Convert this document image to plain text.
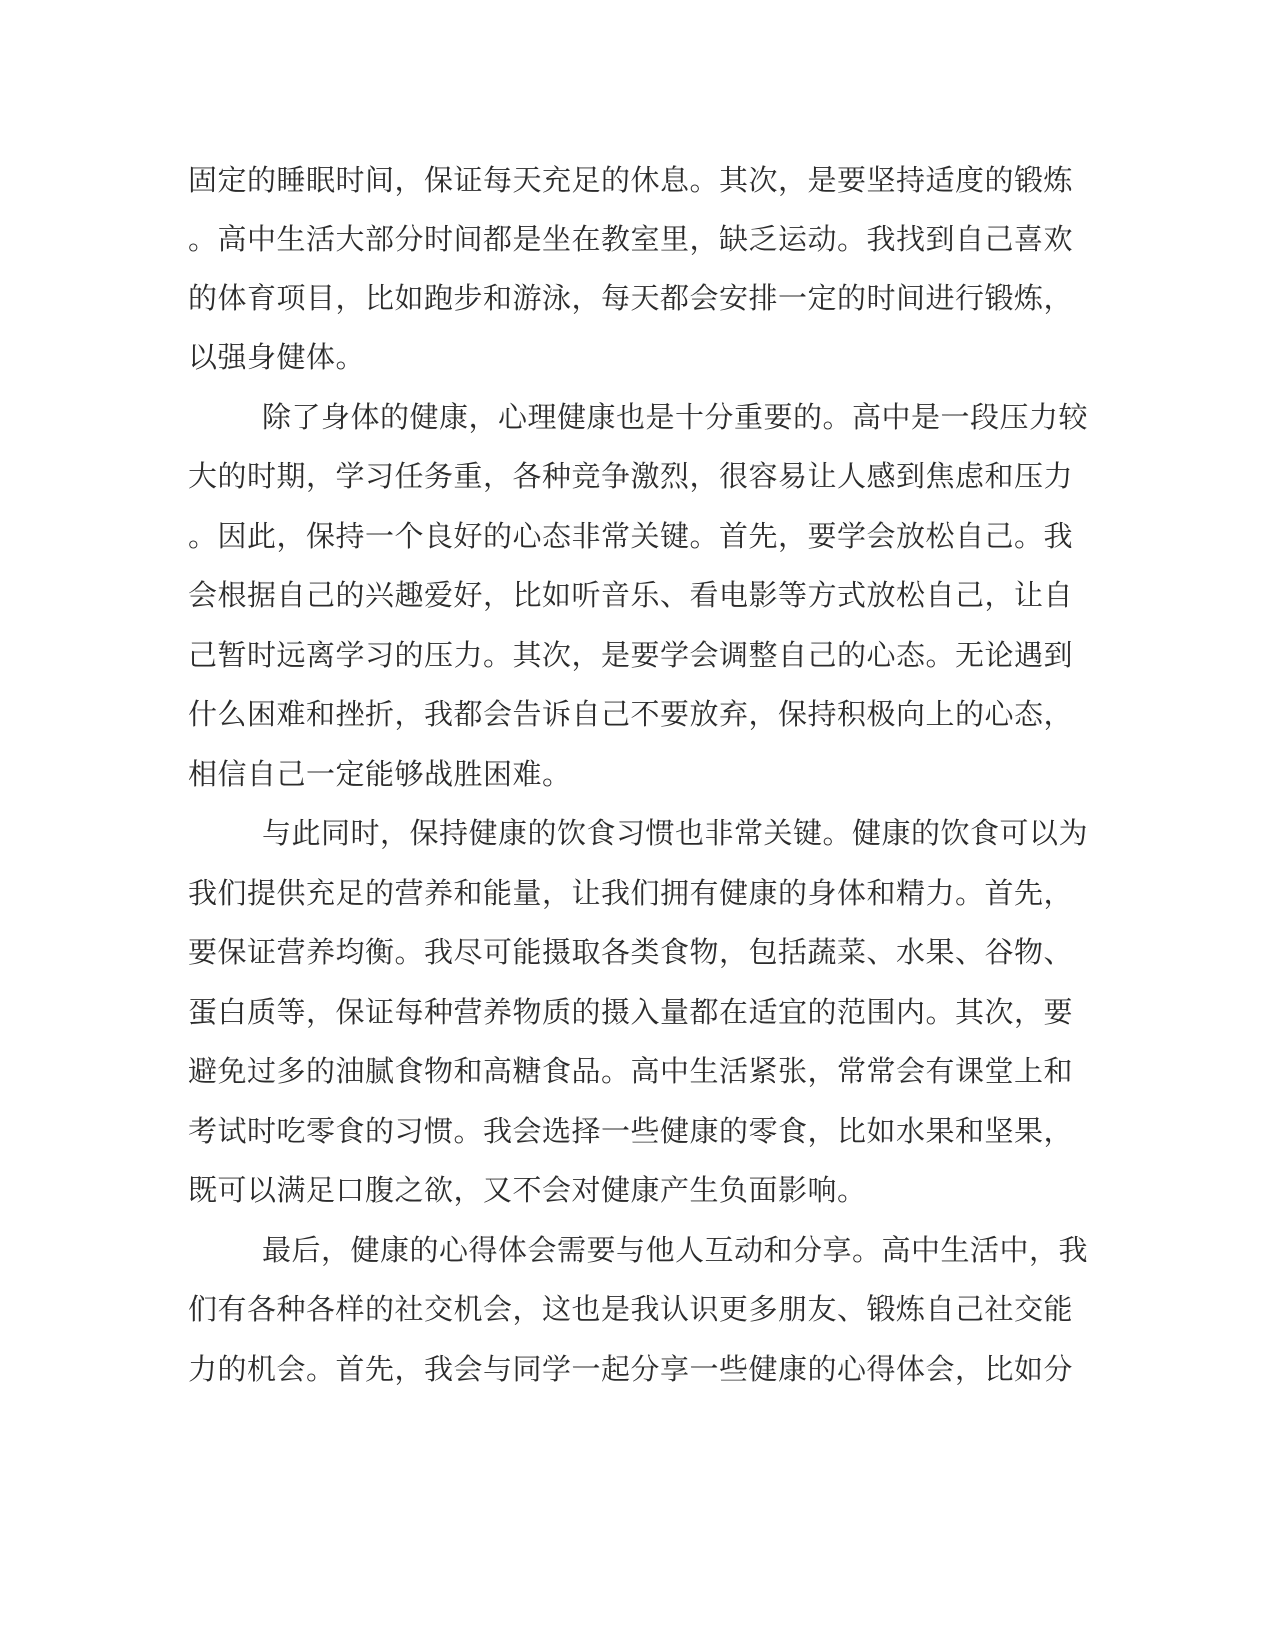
固定的睡眠时间，保证每天充足的休息。其次，是要坚持适度的锻炼
。高中生活大部分时间都是坐在教室里，缺乏运动。我找到自己喜欢
的体育项目，比如跑步和游泳，每天都会安排一定的时间进行锻炼，
以强身健体。
除了身体的健康，心理健康也是十分重要的。高中是一段压力较
大的时期，学习任务重，各种竞争激烈，很容易让人感到焦虑和压力
。因此，保持一个良好的心态非常关键。首先，要学会放松自己。我
会根据自己的兴趣爱好，比如听音乐、看电影等方式放松自己，让自
己暂时远离学习的压力。其次，是要学会调整自己的心态。无论遇到
什么困难和挫折，我都会告诉自己不要放弃，保持积极向上的心态，
相信自己一定能够战胜困难。
与此同时，保持健康的饮食习惯也非常关键。健康的饮食可以为
我们提供充足的营养和能量，让我们拥有健康的身体和精力。首先，
要保证营养均衡。我尽可能摄取各类食物，包括蔬菜、水果、谷物、
蛋白质等，保证每种营养物质的摄入量都在适宜的范围内。其次，要
避免过多的油腻食物和高糖食品。高中生活紧张，常常会有课堂上和
考试时吃零食的习惯。我会选择一些健康的零食，比如水果和坚果，
既可以满足口腹之欲，又不会对健康产生负面影响。
最后，健康的心得体会需要与他人互动和分享。高中生活中，我
们有各种各样的社交机会，这也是我认识更多朋友、锻炼自己社交能
力的机会。首先，我会与同学一起分享一些健康的心得体会，比如分
